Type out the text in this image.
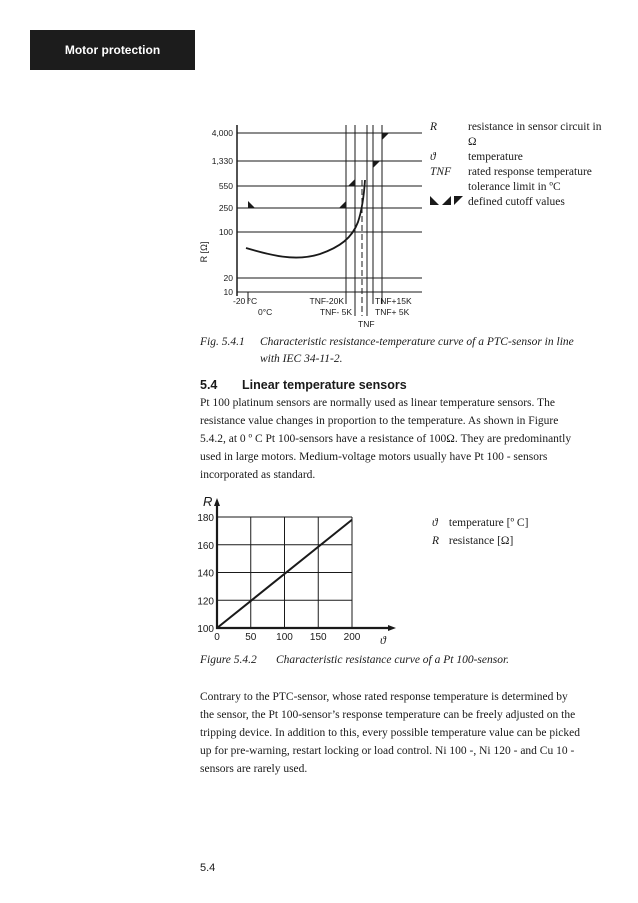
Motor protection
R [Ω]
4,000
1,330
550
250
100
20
10
-20 °C
0°C
TNF-20K
TNF- 5K
TNF+15K
TNF+ 5K
TNF
0	50 100 150 200
100
120
140
160
180
R
ϑ
R	resistance in sensor circuit in Ω
ϑ	temperature
TNF	rated response temperature tolerance limit in ºC
defined cutoff values
Fig. 5.4.1 Characteristic resistance-temperature curve of a PTC-sensor in line with IEC 34-11-2.
5.4 Linear temperature sensors
Pt 100 platinum sensors are normally used as linear temperature sensors. The resistance value changes in proportion to the temperature. As shown in Figure 5.4.2, at 0 º C Pt 100-sensors have a resistance of 100Ω. They are predominantly used in large motors. Medium-voltage motors usually have Pt 100 - sensors incorporated as standard.
ϑ temperature [º C]
R resistance [Ω]
Figure 5.4.2 Characteristic resistance curve of a Pt 100-sensor.
Contrary to the PTC-sensor, whose rated response temperature is determined by the sensor, the Pt 100-sensor’s response temperature can be freely adjusted on the tripping device. In addition to this, every possible temperature value can be picked up for pre-warning, restart locking or load control. Ni 100 -, Ni 120 - and Cu 10 - sensors are rarely used.
5.4
